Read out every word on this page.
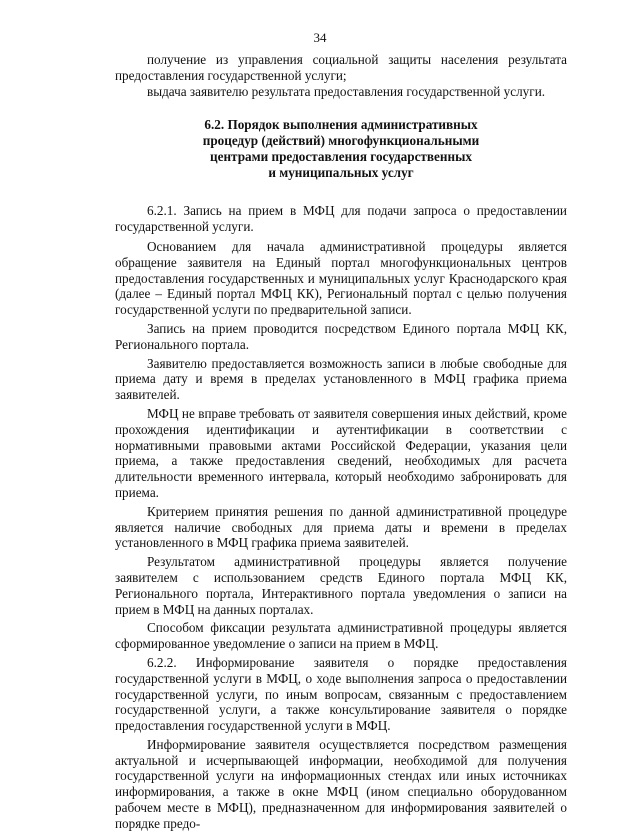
34

получение из управления социальной защиты населения результата предоставления государственной услуги;

выдача заявителю результата предоставления государственной услуги.

6.2. Порядок выполнения административных
процедур (действий) многофункциональными
центрами предоставления государственных
и муниципальных услуг

6.2.1. Запись на прием в МФЦ для подачи запроса о предоставлении государственной услуги.

Основанием для начала административной процедуры является обращение заявителя на Единый портал многофункциональных центров предоставления государственных и муниципальных услуг Краснодарского края (далее – Единый портал МФЦ КК), Региональный портал с целью получения государственной услуги по предварительной записи.

Запись на прием проводится посредством Единого портала МФЦ КК, Регионального портала.

Заявителю предоставляется возможность записи в любые свободные для приема дату и время в пределах установленного в МФЦ графика приема заявителей.

МФЦ не вправе требовать от заявителя совершения иных действий, кроме прохождения идентификации и аутентификации в соответствии с нормативными правовыми актами Российской Федерации, указания цели приема, а также предоставления сведений, необходимых для расчета длительности временного интервала, который необходимо забронировать для приема.

Критерием принятия решения по данной административной процедуре является наличие свободных для приема даты и времени в пределах установленного в МФЦ графика приема заявителей.

Результатом административной процедуры является получение заявителем с использованием средств Единого портала МФЦ КК, Регионального портала, Интерактивного портала уведомления о записи на прием в МФЦ на данных порталах.

Способом фиксации результата административной процедуры является сформированное уведомление о записи на прием в МФЦ.

6.2.2. Информирование заявителя о порядке предоставления государственной услуги в МФЦ, о ходе выполнения запроса о предоставлении государственной услуги, по иным вопросам, связанным с предоставлением государственной услуги, а также консультирование заявителя о порядке предоставления государственной услуги в МФЦ.

Информирование заявителя осуществляется посредством размещения актуальной и исчерпывающей информации, необходимой для получения государственной услуги на информационных стендах или иных источниках информирования, а также в окне МФЦ (ином специально оборудованном рабочем месте в МФЦ), предназначенном для информирования заявителей о порядке предо-
